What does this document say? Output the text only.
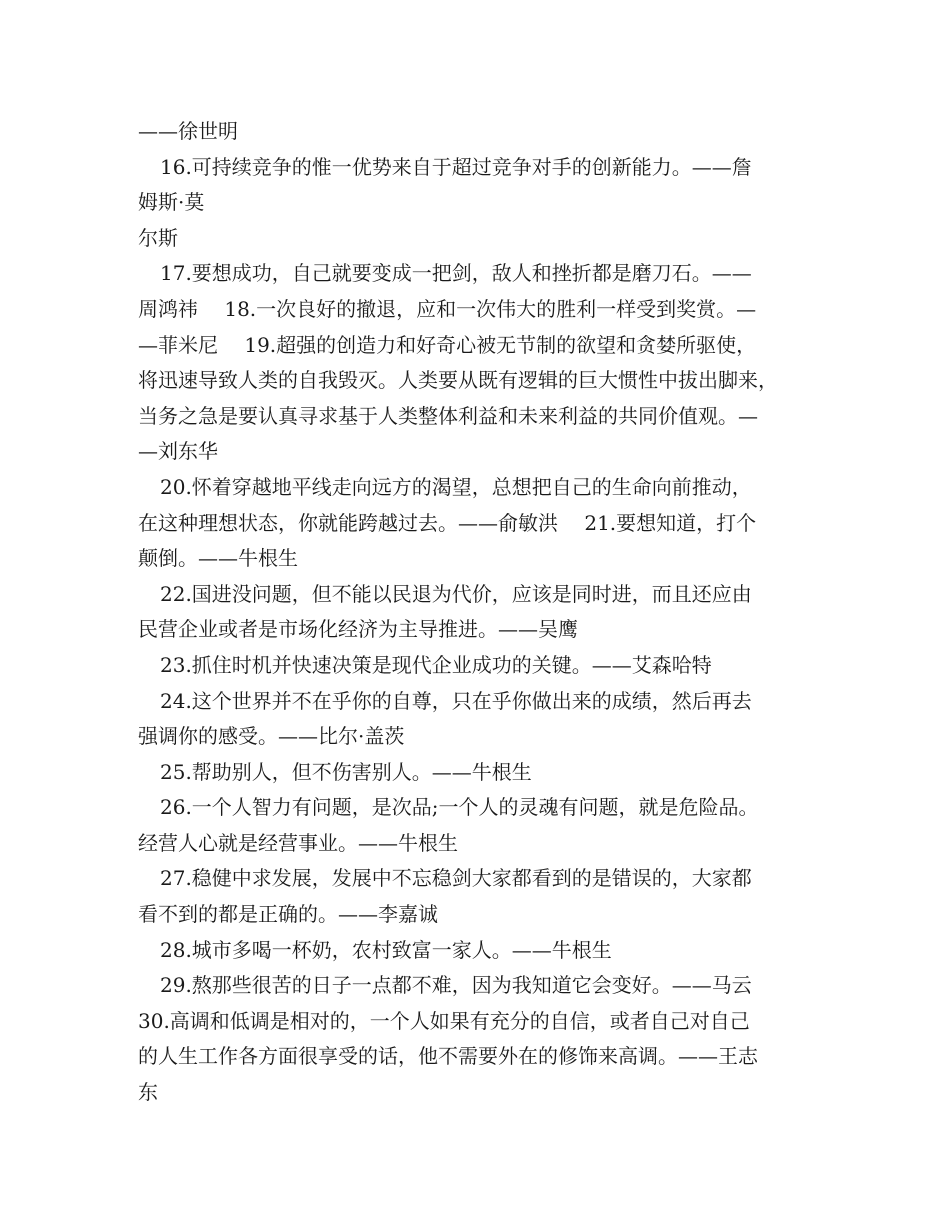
——徐世明
16.可持续竞争的惟一优势来自于超过竞争对手的创新能力。——詹
姆斯·莫
尔斯
17.要想成功，自己就要变成一把剑，敌人和挫折都是磨刀石。——
周鸿祎　 18.一次良好的撤退，应和一次伟大的胜利一样受到奖赏。—
—菲米尼　 19.超强的创造力和好奇心被无节制的欲望和贪婪所驱使，
将迅速导致人类的自我毁灭。人类要从既有逻辑的巨大惯性中拔出脚来，
当务之急是要认真寻求基于人类整体利益和未来利益的共同价值观。—
—刘东华
20.怀着穿越地平线走向远方的渴望，总想把自己的生命向前推动，
在这种理想状态，你就能跨越过去。——俞敏洪　 21.要想知道，打个
颠倒。——牛根生
22.国进没问题，但不能以民退为代价，应该是同时进，而且还应由
民营企业或者是市场化经济为主导推进。——吴鹰
23.抓住时机并快速决策是现代企业成功的关键。——艾森哈特
24.这个世界并不在乎你的自尊，只在乎你做出来的成绩，然后再去
强调你的感受。——比尔·盖茨
25.帮助别人，但不伤害别人。——牛根生
26.一个人智力有问题，是次品;一个人的灵魂有问题，就是危险品。
经营人心就是经营事业。——牛根生
27.稳健中求发展，发展中不忘稳剑大家都看到的是错误的，大家都
看不到的都是正确的。——李嘉诚
28.城市多喝一杯奶，农村致富一家人。——牛根生
29.熬那些很苦的日子一点都不难，因为我知道它会变好。——马云
30.高调和低调是相对的，一个人如果有充分的自信，或者自己对自己
的人生工作各方面很享受的话，他不需要外在的修饰来高调。——王志
东
